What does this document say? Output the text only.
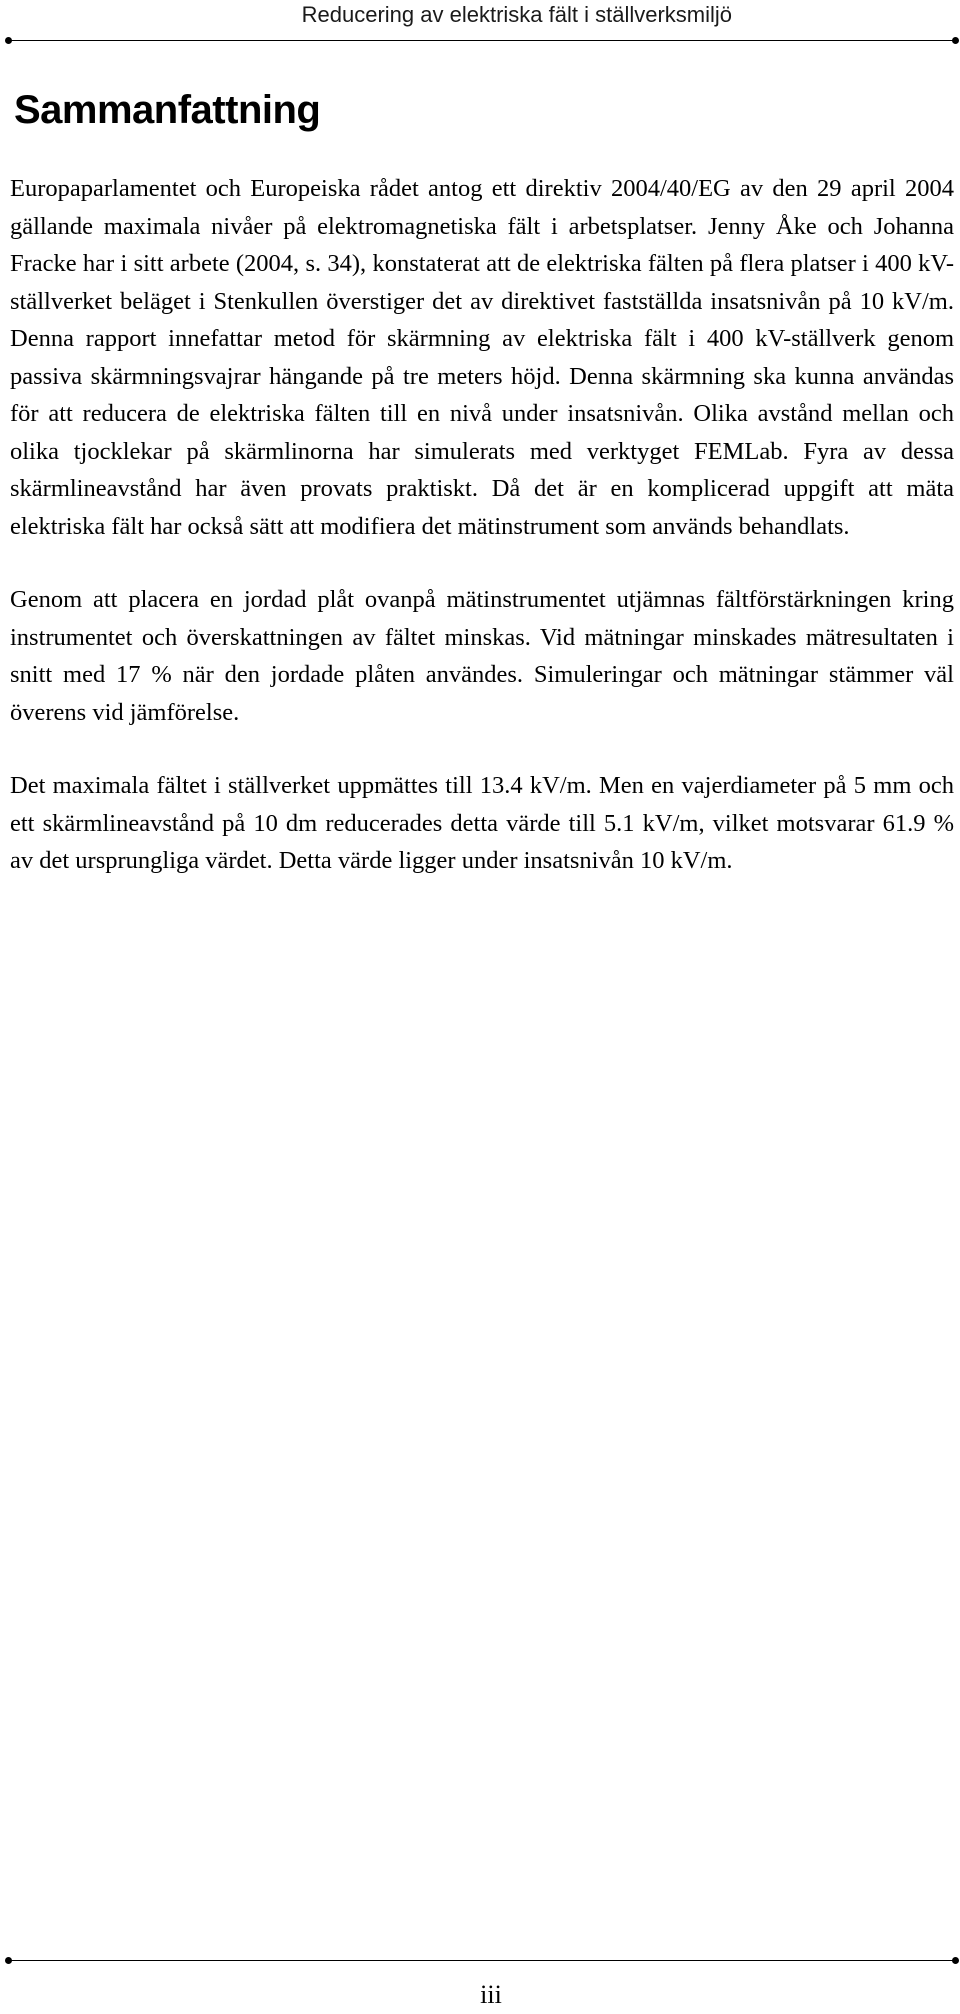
Reducering av elektriska fält i ställverksmiljö
Sammanfattning

Europaparlamentet och Europeiska rådet antog ett direktiv 2004/40/EG av den 29 april 2004 gällande maximala nivåer på elektromagnetiska fält i arbetsplatser. Jenny Åke och Johanna Fracke har i sitt arbete (2004, s. 34), konstaterat att de elektriska fälten på flera platser i 400 kV-ställverket beläget i Stenkullen överstiger det av direktivet fastställda insatsnivån på 10 kV/m. Denna rapport innefattar metod för skärmning av elektriska fält i 400 kV-ställverk genom passiva skärmningsvajrar hängande på tre meters höjd. Denna skärmning ska kunna användas för att reducera de elektriska fälten till en nivå under insatsnivån. Olika avstånd mellan och olika tjocklekar på skärmlinorna har simulerats med verktyget FEMLab. Fyra av dessa skärmlineavstånd har även provats praktiskt. Då det är en komplicerad uppgift att mäta elektriska fält har också sätt att modifiera det mätinstrument som används behandlats.

Genom att placera en jordad plåt ovanpå mätinstrumentet utjämnas fältförstärkningen kring instrumentet och överskattningen av fältet minskas. Vid mätningar minskades mätresultaten i snitt med 17 % när den jordade plåten användes. Simuleringar och mätningar stämmer väl överens vid jämförelse.

Det maximala fältet i ställverket uppmättes till 13.4 kV/m. Men en vajerdiameter på 5 mm och ett skärmlineavstånd på 10 dm reducerades detta värde till 5.1 kV/m, vilket motsvarar 61.9 % av det ursprungliga värdet. Detta värde ligger under insatsnivån 10 kV/m.

iii
